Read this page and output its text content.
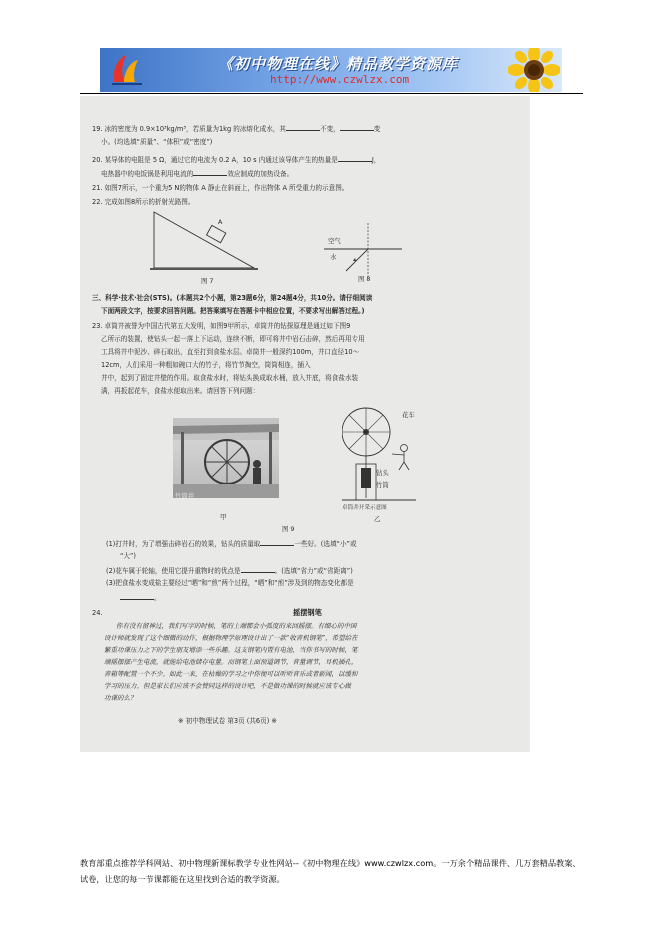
《初中物理在线》精品教学资源库
http://www.czwlzx.com
19. 冰的密度为 0.9×10³kg/m³，若质量为1kg 的冰熔化成水，其	不变，	变
小。(均选填“质量”、“体积”或“密度”)
20. 某导体的电阻是 5 Ω，通过它的电流为 0.2 A，10 s 内通过该导体产生的热量是	J，
电热器中的电饭锅是利用电流的	效应制成的加热设备。
21. 如图7所示，一个重为5 N的物体 A 静止在斜面上，作出物体 A 所受重力的示意图。
22. 完成如图8所示的折射光路图。
A
图 7
空气
水
图 8
三、科学·技术·社会(STS)。(本题共2个小题，第23题6分，第24题4分，共10分。请仔细阅读
下面两段文字，按要求回答问题。把答案填写在答题卡中相应位置，不要求写出解答过程。)
23. 卓筒井被誉为中国古代第五大发明，如图9甲所示，卓筒井的钻探原理是通过如下图9
乙所示的装置，使钻头一起一落上下运动，连续不断，即可将井中岩石击碎，然后再用专用
工具将井中泥沙、碎石取出，直至打到食盐水层。卓筒井一般深约100m，井口直径10～
12cm，人们采用一种粗如碗口大的竹子，将竹节掏空，筒筒相连，插入
井中，起到了固定井壁的作用。取食盐水时，将钻头换成取水桶，放入井底，将食盐水装
满，再扳起花车，食盐水便取出来。请回答下列问题：
竹筒井
甲
花车
钻头
竹筒
卓筒井开采示意图
乙
图 9
(1)打井时，为了增强击碎岩石的效果，钻头的质量取	一些好。(选填“小”或
“大”)
(2)花车属于轮轴，使用它提升重物时的优点是	。(选填“省力”或“省距离”)
(3)把食盐水变成盐主要经过“晒”和“煎”两个过程，“晒”和“煎”涉及到的物态变化都是
。
24.	摇摆钢笔
你有没有留神过，我们写字的时候，笔的上端都会小弧度的来回摇摆。有细心的中国
设计师就发现了这个细微的动作，根据物理学原理设计出了一款“收音机钢笔”，希望给在
繁重功课压力之下的学生朋友增添一些乐趣。这支钢笔内置有电池，当你书写的时候，笔
端摇摆摆产生电流，就能给电池储存电量。而钢笔上面预道调节，音量调节，耳机插孔，
音箱等配置一个不少。如此一来，在枯燥的学习之中你便可以听听音乐或者新闻，以缓和
学习的压力。但是家长们应该不会赞同这样的设计吧，不是做功课的时候就应该专心做
功课的么？
※ 初中物理试卷 第3页 (共6页) ※
教育部重点推荐学科网站、初中物理新课标教学专业性网站--《初中物理在线》www.czwlzx.com。一万余个精品课件、几万套精品教案、试卷，让您的每一节课都能在这里找到合适的教学资源。
